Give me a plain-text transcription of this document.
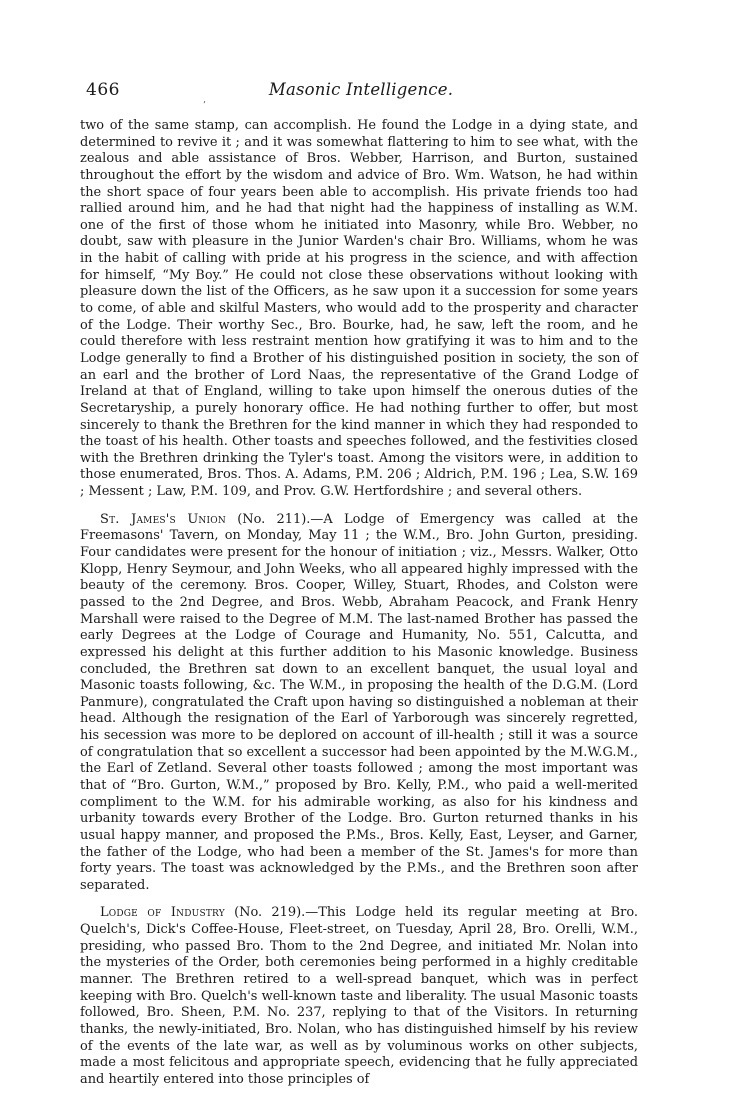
466	Masonic Intelligence.
’

two of the same stamp, can accomplish. He found the Lodge in a dying state, and determined to revive it ; and it was somewhat flattering to him to see what, with the zealous and able assistance of Bros. Webber, Harrison, and Burton, sustained throughout the effort by the wisdom and advice of Bro. Wm. Watson, he had within the short space of four years been able to accomplish. His private friends too had rallied around him, and he had that night had the happiness of installing as W.M. one of the first of those whom he initiated into Masonry, while Bro. Webber, no doubt, saw with pleasure in the Junior Warden's chair Bro. Williams, whom he was in the habit of calling with pride at his progress in the science, and with affection for himself, “My Boy.” He could not close these observations without looking with pleasure down the list of the Officers, as he saw upon it a succession for some years to come, of able and skilful Masters, who would add to the prosperity and character of the Lodge. Their worthy Sec., Bro. Bourke, had, he saw, left the room, and he could therefore with less restraint mention how gratifying it was to him and to the Lodge generally to find a Brother of his distinguished position in society, the son of an earl and the brother of Lord Naas, the representative of the Grand Lodge of Ireland at that of England, willing to take upon himself the onerous duties of the Secretaryship, a purely honorary office. He had nothing further to offer, but most sincerely to thank the Brethren for the kind manner in which they had responded to the toast of his health. Other toasts and speeches followed, and the festivities closed with the Brethren drinking the Tyler's toast. Among the visitors were, in addition to those enumerated, Bros. Thos. A. Adams, P.M. 206 ; Aldrich, P.M. 196 ; Lea, S.W. 169 ; Messent ; Law, P.M. 109, and Prov. G.W. Hertfordshire ; and several others.

St. James's Union (No. 211).—A Lodge of Emergency was called at the Freemasons' Tavern, on Monday, May 11 ; the W.M., Bro. John Gurton, presiding. Four candidates were present for the honour of initiation ; viz., Messrs. Walker, Otto Klopp, Henry Seymour, and John Weeks, who all appeared highly impressed with the beauty of the ceremony. Bros. Cooper, Willey, Stuart, Rhodes, and Colston were passed to the 2nd Degree, and Bros. Webb, Abraham Peacock, and Frank Henry Marshall were raised to the Degree of M.M. The last-named Brother has passed the early Degrees at the Lodge of Courage and Humanity, No. 551, Calcutta, and expressed his delight at this further addition to his Masonic knowledge. Business concluded, the Brethren sat down to an excellent banquet, the usual loyal and Masonic toasts following, &c. The W.M., in proposing the health of the D.G.M. (Lord Panmure), congratulated the Craft upon having so distinguished a nobleman at their head. Although the resignation of the Earl of Yarborough was sincerely regretted, his secession was more to be deplored on account of ill-health ; still it was a source of congratulation that so excellent a successor had been appointed by the M.W.G.M., the Earl of Zetland. Several other toasts followed ; among the most important was that of “Bro. Gurton, W.M.,” proposed by Bro. Kelly, P.M., who paid a well-merited compliment to the W.M. for his admirable working, as also for his kindness and urbanity towards every Brother of the Lodge. Bro. Gurton returned thanks in his usual happy manner, and proposed the P.Ms., Bros. Kelly, East, Leyser, and Garner, the father of the Lodge, who had been a member of the St. James's for more than forty years. The toast was acknowledged by the P.Ms., and the Brethren soon after separated.

Lodge of Industry (No. 219).—This Lodge held its regular meeting at Bro. Quelch's, Dick's Coffee-House, Fleet-street, on Tuesday, April 28, Bro. Orelli, W.M., presiding, who passed Bro. Thom to the 2nd Degree, and initiated Mr. Nolan into the mysteries of the Order, both ceremonies being performed in a highly creditable manner. The Brethren retired to a well-spread banquet, which was in perfect keeping with Bro. Quelch's well-known taste and liberality. The usual Masonic toasts followed, Bro. Sheen, P.M. No. 237, replying to that of the Visitors. In returning thanks, the newly-initiated, Bro. Nolan, who has distinguished himself by his review of the events of the late war, as well as by voluminous works on other subjects, made a most felicitous and appropriate speech, evidencing that he fully appreciated and heartily entered into those principles of
